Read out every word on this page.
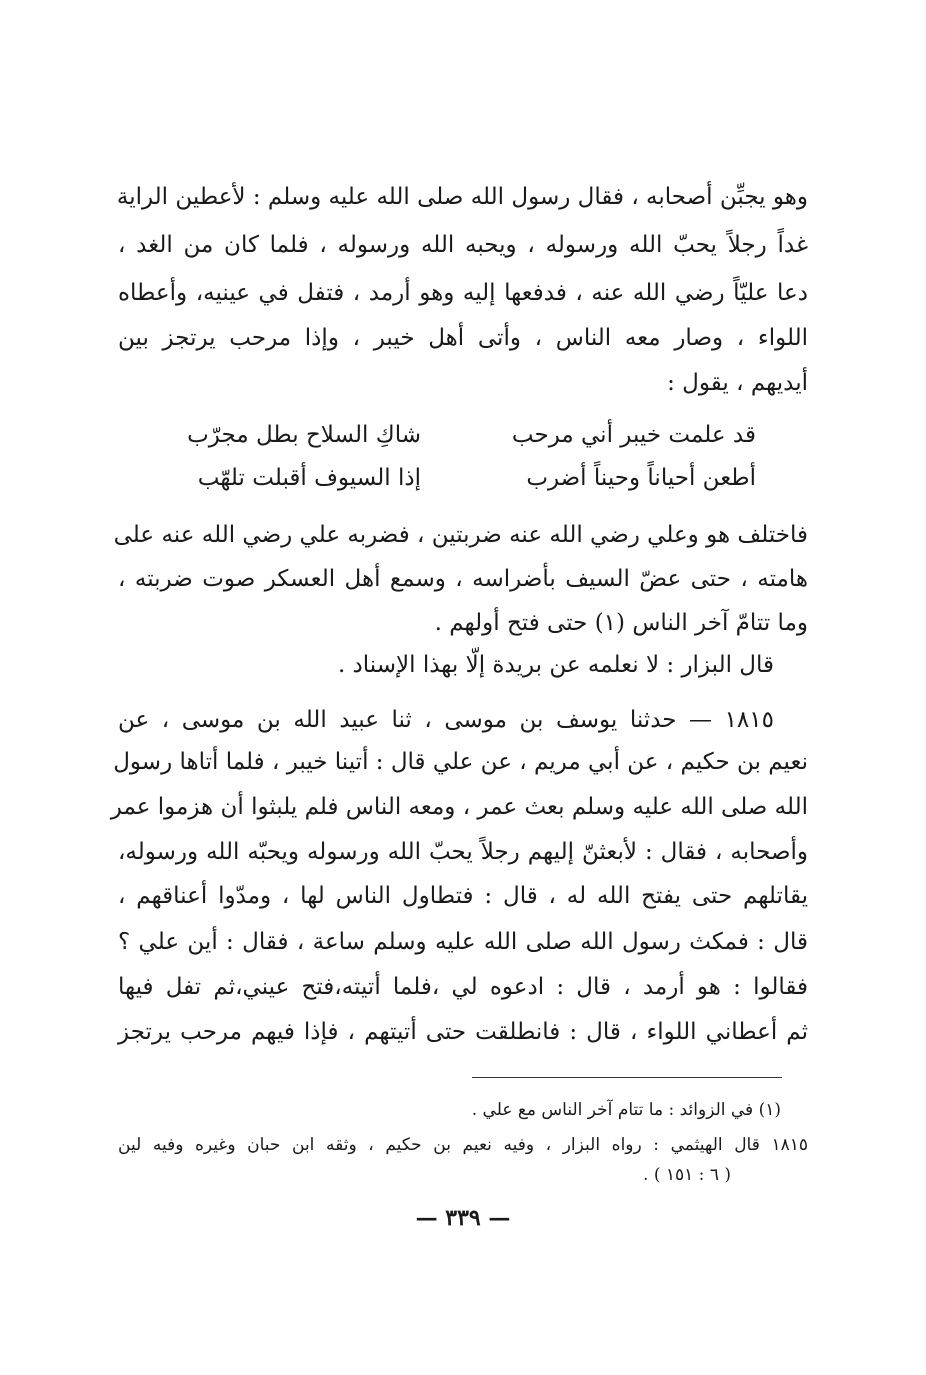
وهو يجبِّن أصحابه ، فقال رسول الله صلى الله عليه وسلم : لأعطين الراية
غداً رجلاً يحبّ الله ورسوله ، ويحبه الله ورسوله ، فلما كان من الغد ،
دعا عليّاً رضي الله عنه ، فدفعها إليه وهو أرمد ، فتفل في عينيه، وأعطاه
اللواء ، وصار معه الناس ، وأتى أهل خيبر ، وإذا مرحب يرتجز بين
أيديهم ، يقول :
قد علمت خيبر أني مرحب
شاكِ السلاح بطل مجرّب
أطعن أحياناً وحيناً أضرب
إذا السيوف أقبلت تلهّب
فاختلف هو وعلي رضي الله عنه ضربتين ، فضربه علي رضي الله عنه على
هامته ، حتى عضّ السيف بأضراسه ، وسمع أهل العسكر صوت ضربته ،
وما تتامّ آخر الناس (١) حتى فتح أولهم .
قال البزار : لا نعلمه عن بريدة إلّا بهذا الإسناد .
١٨١٥ — حدثنا يوسف بن موسى ، ثنا عبيد الله بن موسى ، عن
نعيم بن حكيم ، عن أبي مريم ، عن علي قال : أتينا خيبر ، فلما أتاها رسول
الله صلى الله عليه وسلم بعث عمر ، ومعه الناس فلم يلبثوا أن هزموا عمر
وأصحابه ، فقال : لأبعثنّ إليهم رجلاً يحبّ الله ورسوله ويحبّه الله ورسوله،
يقاتلهم حتى يفتح الله له ، قال : فتطاول الناس لها ، ومدّوا أعناقهم ،
قال : فمكث رسول الله صلى الله عليه وسلم ساعة ، فقال : أين علي ؟
فقالوا : هو أرمد ، قال : ادعوه لي ،فلما أتيته،فتح عيني،ثم تفل فيها
ثم أعطاني اللواء ، قال : فانطلقت حتى أتيتهم ، فإذا فيهم مرحب يرتجز
(١) في الزوائد : ما تتام آخر الناس مع علي .
١٨١٥ قال الهيثمي : رواه البزار ، وفيه نعيم بن حكيم ، وثقه ابن حبان وغيره وفيه لين
( ٦ : ١٥١ ) .
— ٣٣٩ —
